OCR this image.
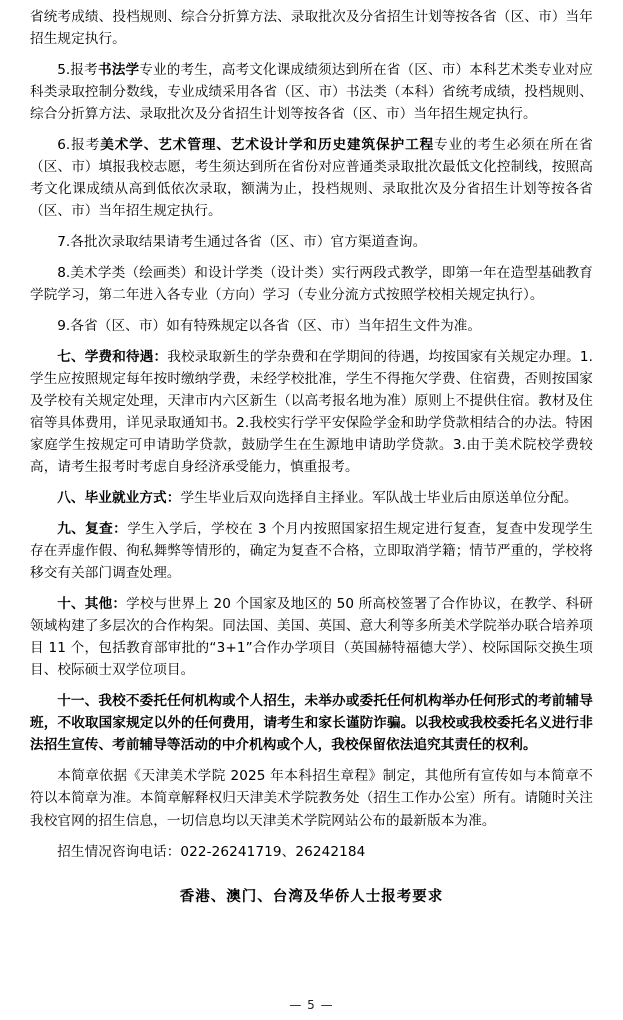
省统考成绩、投档规则、综合分折算方法、录取批次及分省招生计划等按各省（区、市）当年招生规定执行。

5.报考书法学专业的考生，高考文化课成绩须达到所在省（区、市）本科艺术类专业对应科类录取控制分数线，专业成绩采用各省（区、市）书法类（本科）省统考成绩，投档规则、综合分折算方法、录取批次及分省招生计划等按各省（区、市）当年招生规定执行。

6.报考美术学、艺术管理、艺术设计学和历史建筑保护工程专业的考生必须在所在省（区、市）填报我校志愿，考生须达到所在省份对应普通类录取批次最低文化控制线，按照高考文化课成绩从高到低依次录取，额满为止，投档规则、录取批次及分省招生计划等按各省（区、市）当年招生规定执行。

7.各批次录取结果请考生通过各省（区、市）官方渠道查询。

8.美术学类（绘画类）和设计学类（设计类）实行两段式教学，即第一年在造型基础教育学院学习，第二年进入各专业（方向）学习（专业分流方式按照学校相关规定执行）。

9.各省（区、市）如有特殊规定以各省（区、市）当年招生文件为准。

七、学费和待遇：我校录取新生的学杂费和在学期间的待遇，均按国家有关规定办理。1.学生应按照规定每年按时缴纳学费，未经学校批准，学生不得拖欠学费、住宿费，否则按国家及学校有关规定处理，天津市内六区新生（以高考报名地为准）原则上不提供住宿。教材及住宿等具体费用，详见录取通知书。2.我校实行学平安保险学金和助学贷款相结合的办法。特困家庭学生按规定可申请助学贷款，鼓励学生在生源地申请助学贷款。3.由于美术院校学费较高，请考生报考时考虑自身经济承受能力，慎重报考。

八、毕业就业方式：学生毕业后双向选择自主择业。军队战士毕业后由原送单位分配。

九、复查：学生入学后，学校在 3 个月内按照国家招生规定进行复查，复查中发现学生存在弄虚作假、徇私舞弊等情形的，确定为复查不合格，立即取消学籍；情节严重的，学校将移交有关部门调查处理。

十、其他：学校与世界上 20 个国家及地区的 50 所高校签署了合作协议，在教学、科研领域构建了多层次的合作构架。同法国、美国、英国、意大利等多所美术学院举办联合培养项目 11 个，包括教育部审批的“3+1”合作办学项目（英国赫特福德大学）、校际国际交换生项目、校际硕士双学位项目。

十一、我校不委托任何机构或个人招生，未举办或委托任何机构举办任何形式的考前辅导班，不收取国家规定以外的任何费用，请考生和家长谨防诈骗。以我校或我校委托名义进行非法招生宣传、考前辅导等活动的中介机构或个人，我校保留依法追究其责任的权利。

本简章依据《天津美术学院 2025 年本科招生章程》制定，其他所有宣传如与本简章不符以本简章为准。本简章解释权归天津美术学院教务处（招生工作办公室）所有。请随时关注我校官网的招生信息，一切信息均以天津美术学院网站公布的最新版本为准。

招生情况咨询电话：022-26241719、26242184

香港、澳门、台湾及华侨人士报考要求
— 5 —
